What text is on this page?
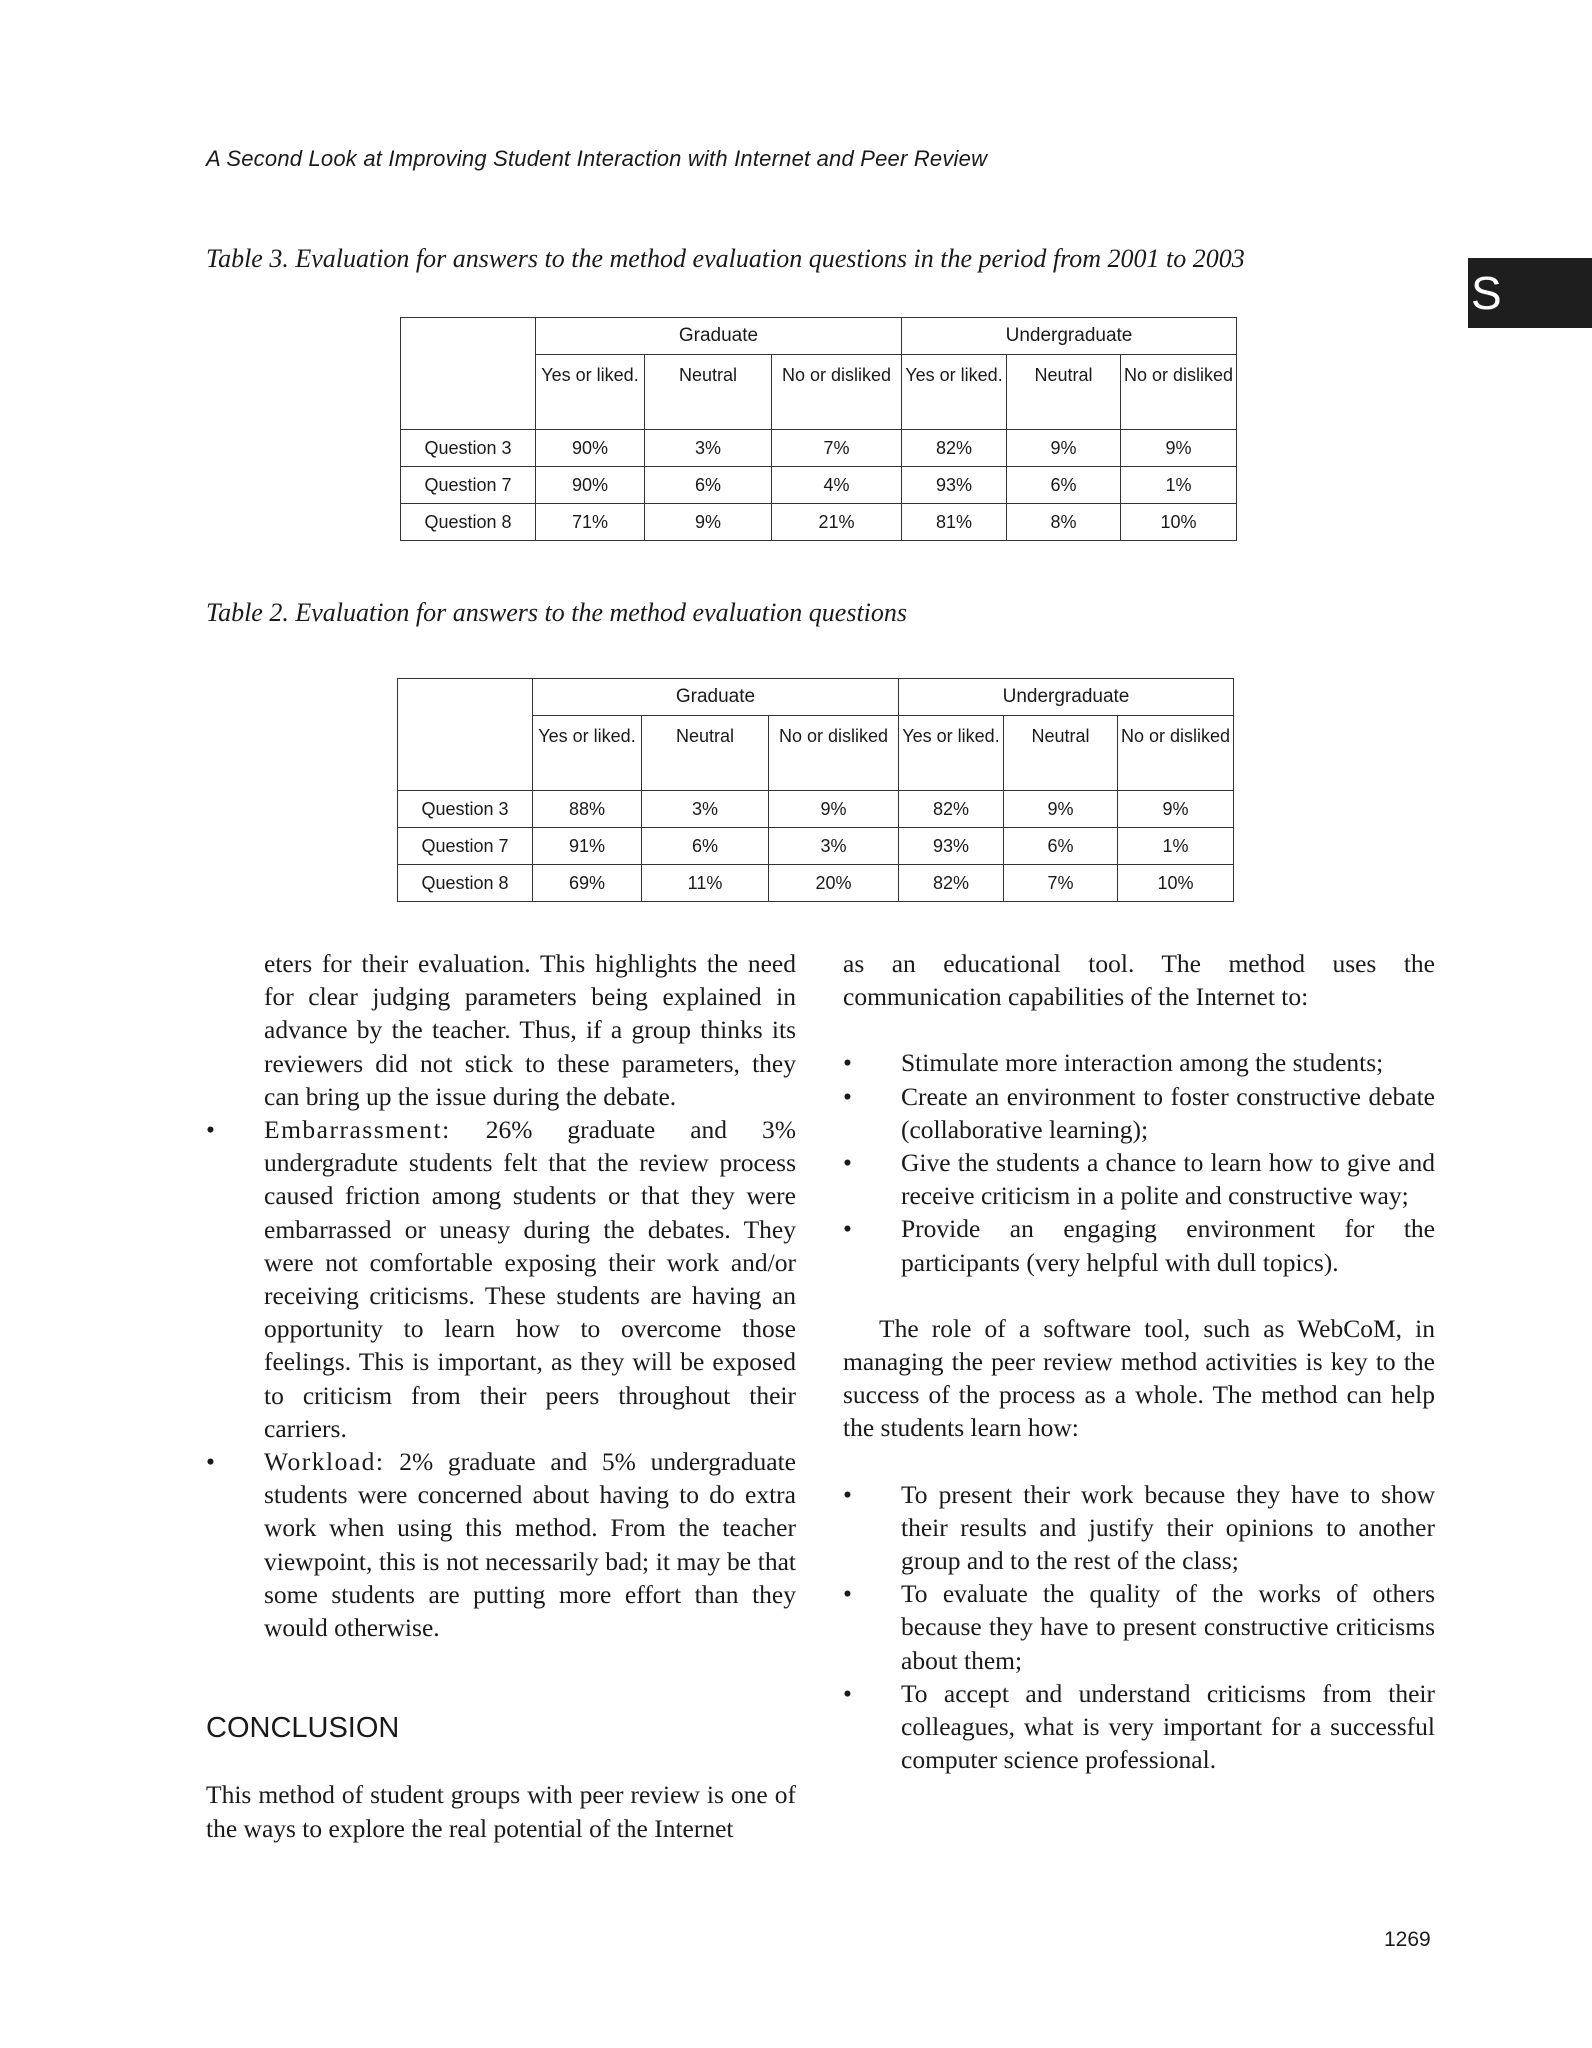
A Second Look at Improving Student Interaction with Internet and Peer Review
S
Table 3. Evaluation for answers to the method evaluation questions in the period from 2001 to 2003
	Graduate			Undergraduate		
	Yes or liked.	Neutral	No or disliked	Yes or liked.	Neutral	No or disliked
Question 3	90%	3%	7%	82%	9%	9%
Question 7	90%	6%	4%	93%	6%	1%
Question 8	71%	9%	21%	81%	8%	10%
Table 2. Evaluation for answers to the method evaluation questions
	Graduate			Undergraduate		
	Yes or liked.	Neutral	No or disliked	Yes or liked.	Neutral	No or disliked
Question 3	88%	3%	9%	82%	9%	9%
Question 7	91%	6%	3%	93%	6%	1%
Question 8	69%	11%	20%	82%	7%	10%

eters for their evaluation. This highlights the need for clear judging parameters being explained in advance by the teacher. Thus, if a group thinks its reviewers did not stick to these parameters, they can bring up the issue during the debate.

•	Embarrassment: 26% graduate and 3% undergradute students felt that the review process caused friction among students or that they were embarrassed or uneasy during the debates. They were not comfortable exposing their work and/or receiving criticisms. These students are having an opportunity to learn how to overcome those feelings. This is important, as they will be exposed to criticism from their peers throughout their carriers.
•	Workload: 2% graduate and 5% undergraduate students were concerned about having to do extra work when using this method. From the teacher viewpoint, this is not necessarily bad; it may be that some students are putting more effort than they would otherwise.
CONCLUSION

This method of student groups with peer review is one of the ways to explore the real potential of the Internet

as an educational tool. The method uses the communication capabilities of the Internet to:

•	Stimulate more interaction among the students;
•	Create an environment to foster constructive debate (collaborative learning);
•	Give the students a chance to learn how to give and receive criticism in a polite and constructive way;
•	Provide an engaging environment for the participants (very helpful with dull topics).

The role of a software tool, such as WebCoM, in managing the peer review method activities is key to the success of the process as a whole. The method can help the students learn how:

•	To present their work because they have to show their results and justify their opinions to another group and to the rest of the class;
•	To evaluate the quality of the works of others because they have to present constructive criticisms about them;
•	To accept and understand criticisms from their colleagues, what is very important for a successful computer science professional.
1269
